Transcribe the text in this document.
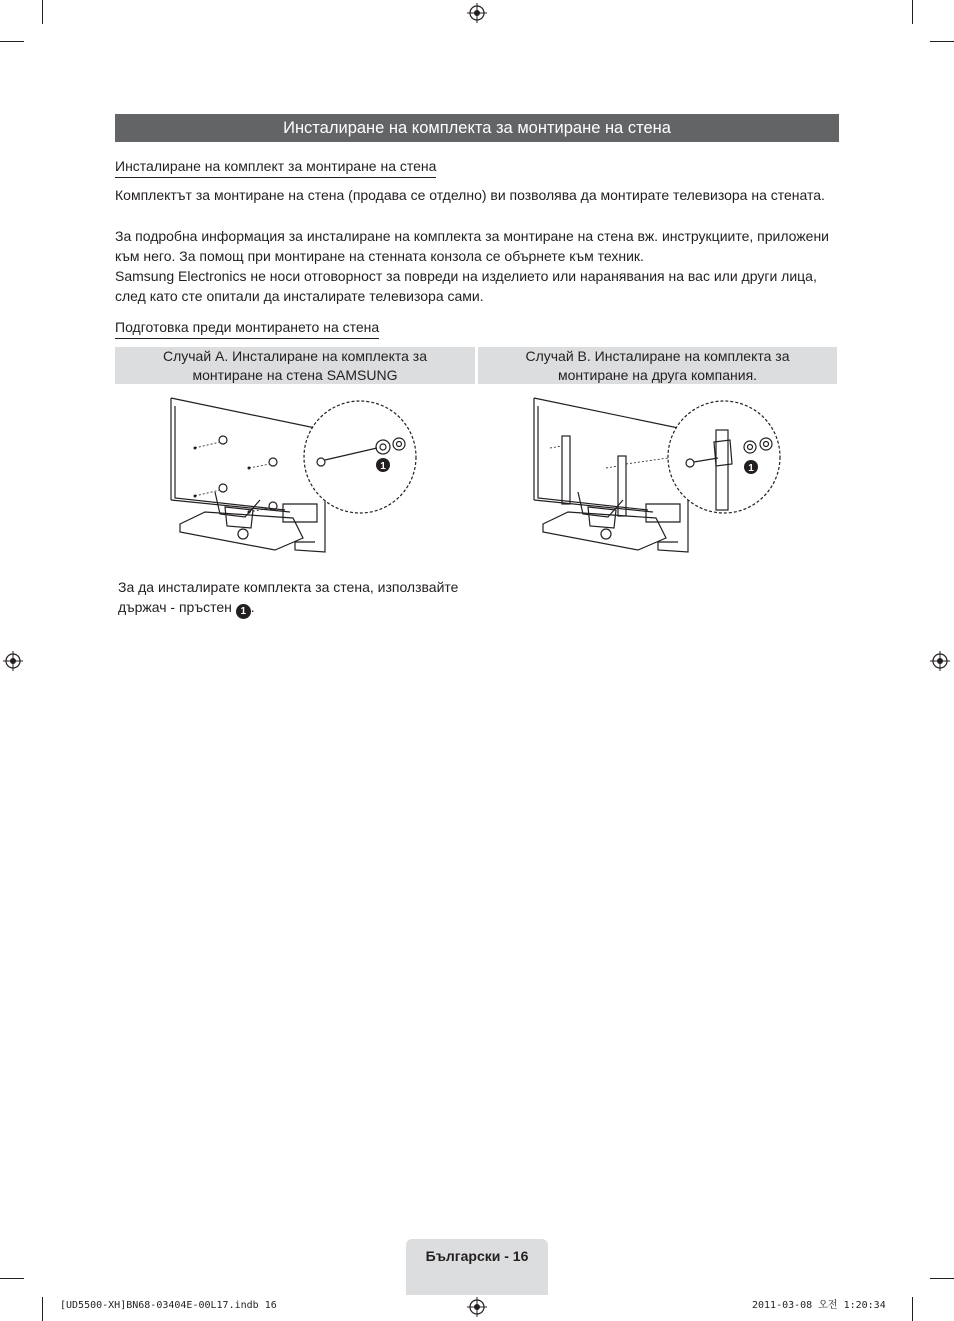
Инсталиране на комплекта за монтиране на стена
Инсталиране на комплект за монтиране на стена
Комплектът за монтиране на стена (продава се отделно) ви позволява да монтирате телевизора на стената.
За подробна информация за инсталиране на комплекта за монтиране на стена вж. инструкциите, приложени към него. За помощ при монтиране на стенната конзола се обърнете към техник.
Samsung Electronics не носи отговорност за повреди на изделието или наранявания на вас или други лица, след като сте опитали да инсталирате телевизора сами.
Подготовка преди монтирането на стена
Случай А. Инсталиране на комплекта за
монтиране на стена SAMSUNG
Случай В. Инсталиране на комплекта за
монтиране на друга компания.
1	1
За да инсталирате комплекта за стена, използвайте
държач - пръстен 1 .
Български - 16
[UD5500-XH]BN68-03404E-00L17.indb 16	2011-03-08 오전 1:20:34
